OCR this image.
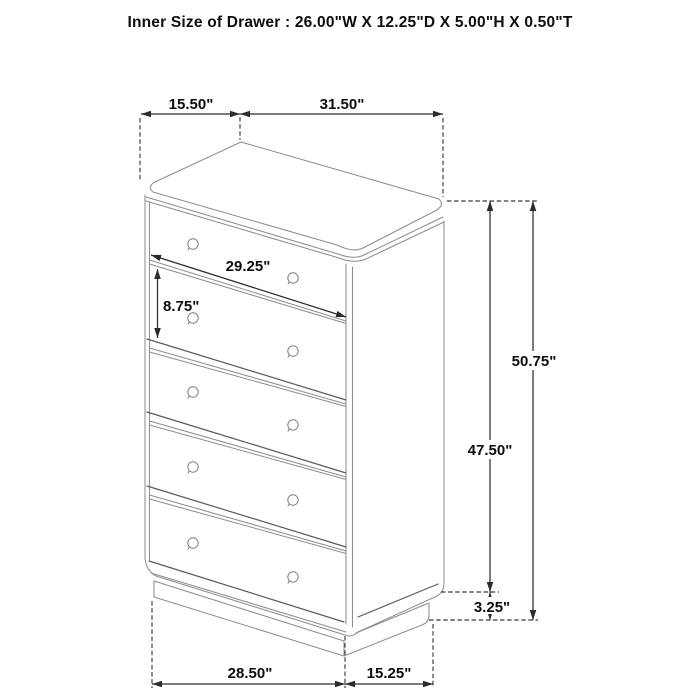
Inner Size of Drawer : 26.00"W X 12.25"D X 5.00"H X 0.50"T
15.50"	31.50"
29.25"
8.75"
50.75"
47.50"
3.25"
28.50"	15.25"
